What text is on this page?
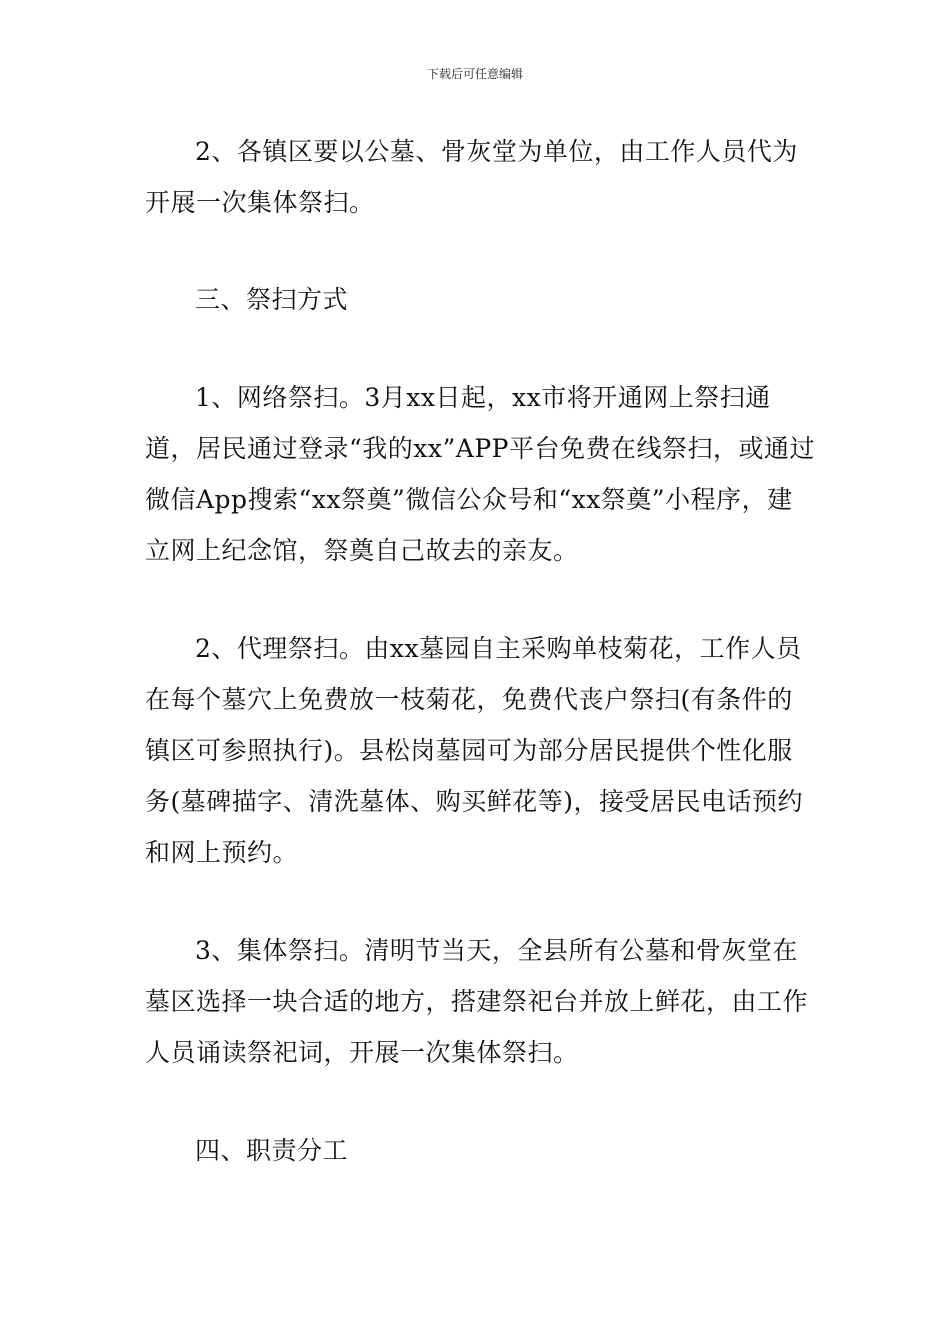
下载后可任意编辑

2、各镇区要以公墓、骨灰堂为单位，由工作人员代为开展一次集体祭扫。

三、祭扫方式

1、网络祭扫。3月xx日起，xx市将开通网上祭扫通道，居民通过登录“我的xx”APP平台免费在线祭扫，或通过微信App搜索“xx祭奠”微信公众号和“xx祭奠”小程序，建立网上纪念馆，祭奠自己故去的亲友。

2、代理祭扫。由xx墓园自主采购单枝菊花，工作人员在每个墓穴上免费放一枝菊花，免费代丧户祭扫(有条件的镇区可参照执行)。县松岗墓园可为部分居民提供个性化服务(墓碑描字、清洗墓体、购买鲜花等)，接受居民电话预约和网上预约。

3、集体祭扫。清明节当天，全县所有公墓和骨灰堂在墓区选择一块合适的地方，搭建祭祀台并放上鲜花，由工作人员诵读祭祀词，开展一次集体祭扫。

四、职责分工
